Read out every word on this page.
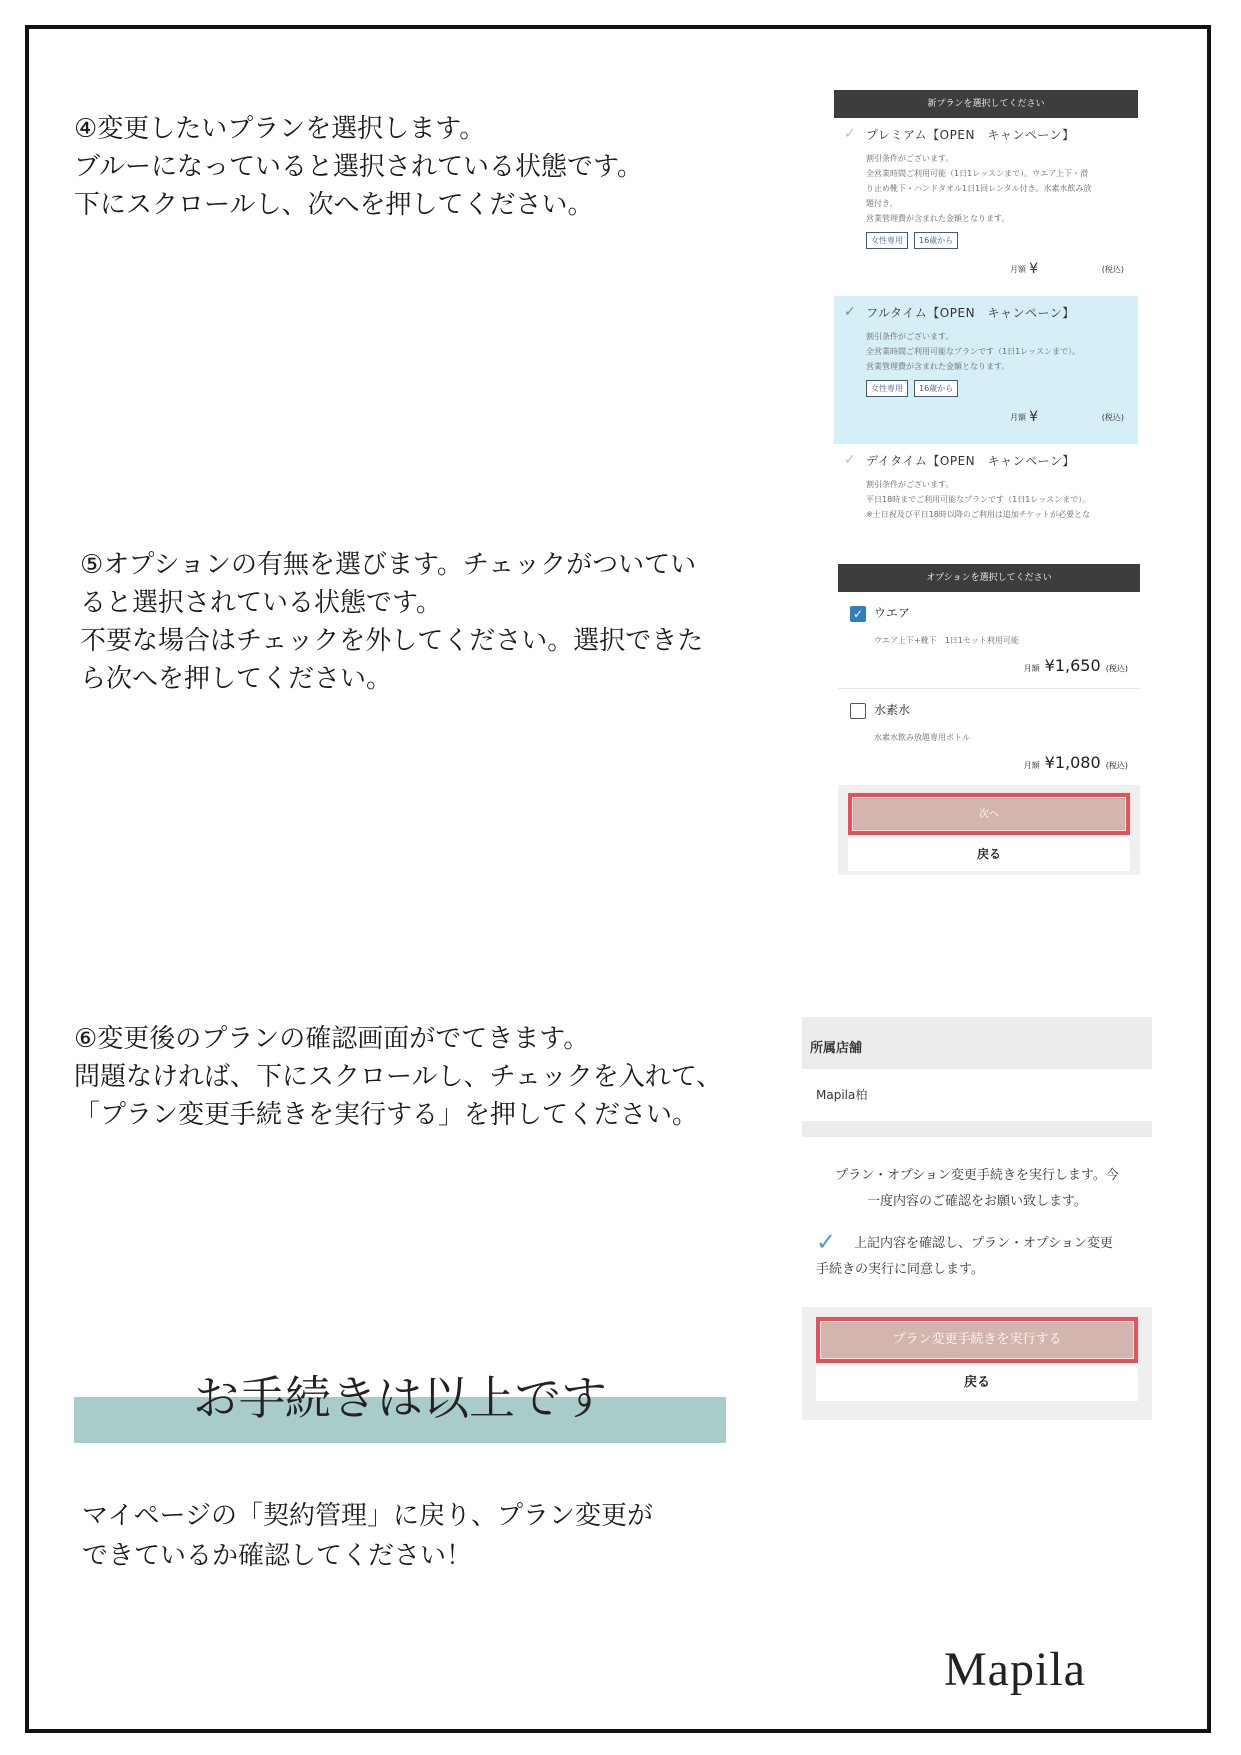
④変更したいプランを選択します。
ブルーになっていると選択されている状態です。
下にスクロールし、次へを押してください。
新プランを選択してください
✓ プレミアム【OPEN　キャンペーン】
割引条件がございます。
全営業時間ご利用可能（1日1レッスンまで）。ウエア上下・滑
り止め靴下・ハンドタオル1日1回レンタル付き。水素水飲み放
題付き。
営業管理費が含まれた金額となります。
女性専用	16歳から
月額 ¥	(税込)
✓ フルタイム【OPEN　キャンペーン】
割引条件がございます。
全営業時間ご利用可能なプランです（1日1レッスンまで）。
営業管理費が含まれた金額となります。
女性専用	16歳から
月額 ¥	(税込)
✓ デイタイム【OPEN　キャンペーン】
割引条件がございます。
平日18時までご利用可能なプランです（1日1レッスンまで）。
※土日祝及び平日18時以降のご利用は追加チケットが必要とな
⑤オプションの有無を選びます。チェックがついてい
ると選択されている状態です。
不要な場合はチェックを外してください。選択できた
ら次へを押してください。
オプションを選択してください
✓ ウエア
ウエア上下+靴下　1日1セット利用可能
月額 ¥1,650 (税込)
水素水
水素水飲み放題専用ボトル
月額 ¥1,080 (税込)
次へ
戻る
⑥変更後のプランの確認画面がでてきます。
問題なければ、下にスクロールし、チェックを入れて、
「プラン変更手続きを実行する」を押してください。
所属店舗
Mapila柏
プラン・オプション変更手続きを実行します。今
一度内容のご確認をお願い致します。
✓	上記内容を確認し、プラン・オプション変更
手続きの実行に同意します。
プラン変更手続きを実行する
戻る
お手続きは以上です
マイページの「契約管理」に戻り、プラン変更が
できているか確認してください！
Mapila
